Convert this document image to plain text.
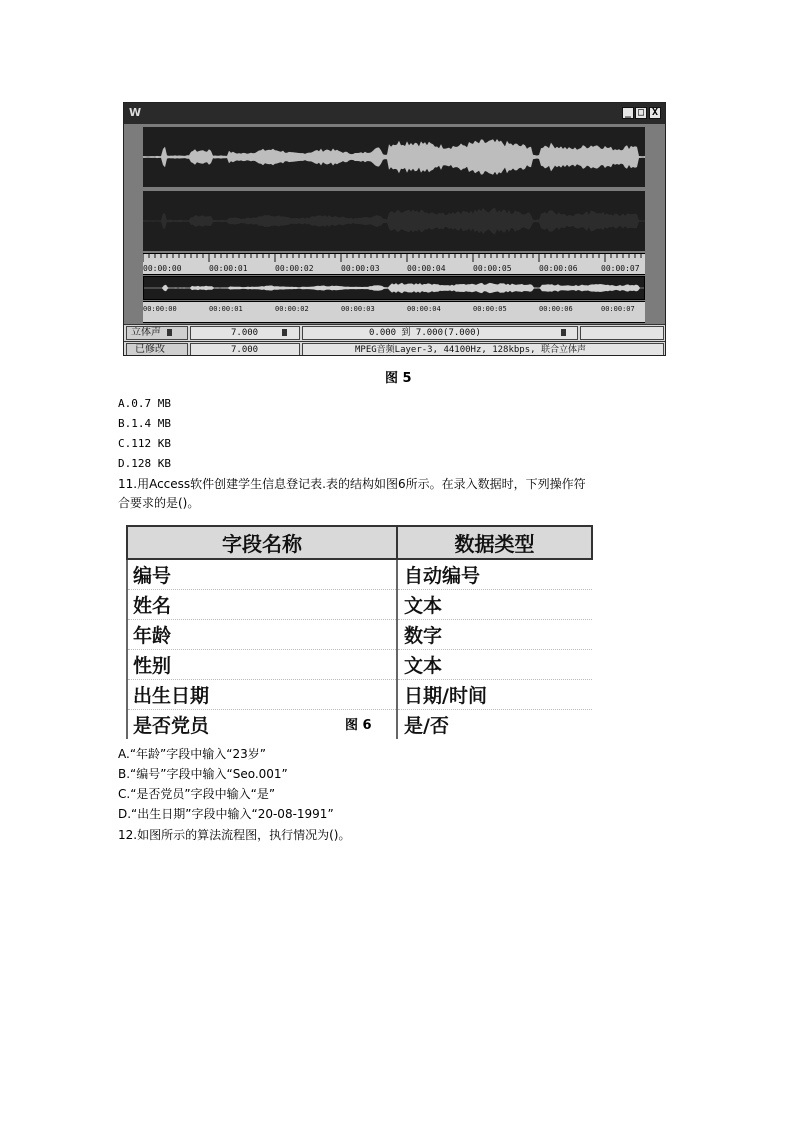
W	_ □ X
00:00:00	00:00:01	00:00:02	00:00:03	00:00:04	00:00:05	00:00:06	00:00:07
00:00:00	00:00:01	00:00:02	00:00:03	00:00:04	00:00:05	00:00:06	00:00:07
立体声	7.000	0.000 到 7.000(7.000)
已修改	7.000	MPEG音频Layer-3, 44100Hz, 128kbps, 联合立体声
图 5
A.0.7 MB
B.1.4 MB
C.112 KB
D.128 KB
11.用Access软件创建学生信息登记表.表的结构如图6所示。在录入数据时，下列操作符
合要求的是()。
字段名称	数据类型
编号	自动编号
姓名	文本
年龄	数字
性别	文本
出生日期	日期/时间
是否党员	是/否
图 6
A.“年龄”字段中输入“23岁”
B.“编号”字段中输入“Seo.001”
C.“是否党员”字段中输入“是”
D.“出生日期”字段中输入“20-08-1991”
12.如图所示的算法流程图，执行情况为()。
